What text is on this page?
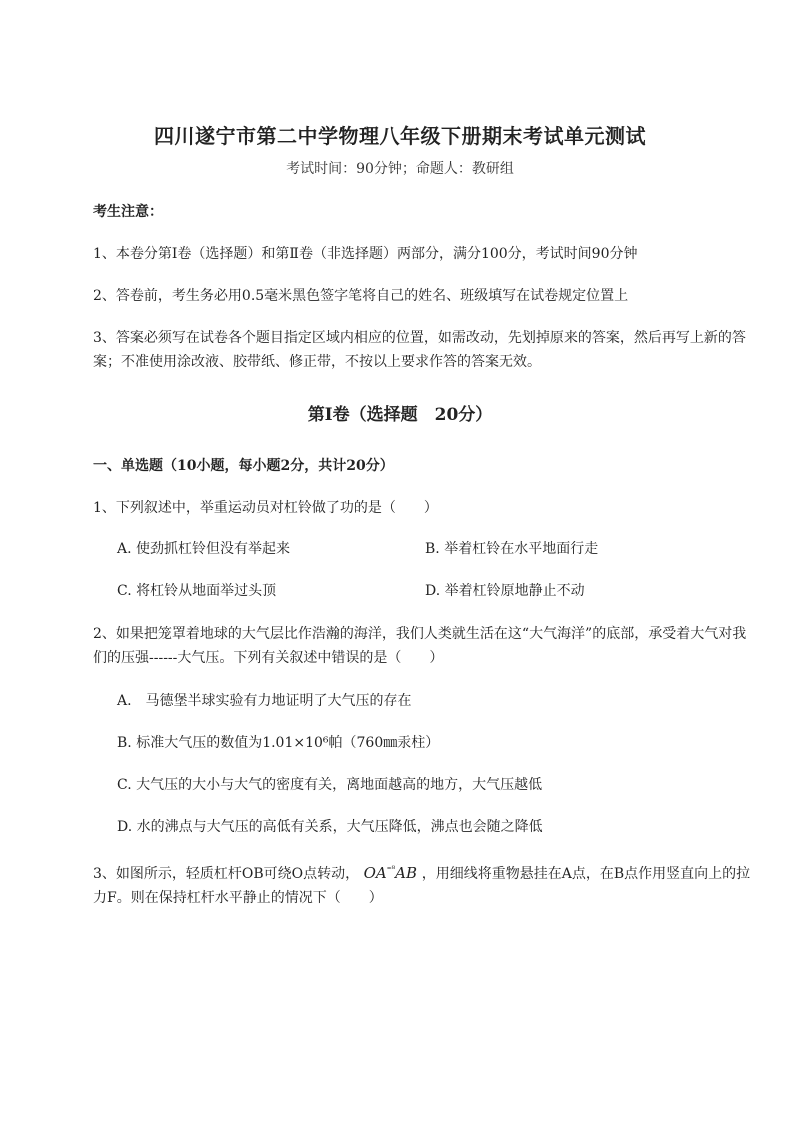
四川遂宁市第二中学物理八年级下册期末考试单元测试
考试时间：90分钟；命题人：教研组
考生注意：
1、本卷分第I卷（选择题）和第Ⅱ卷（非选择题）两部分，满分100分，考试时间90分钟
2、答卷前，考生务必用0.5毫米黑色签字笔将自己的姓名、班级填写在试卷规定位置上
3、答案必须写在试卷各个题目指定区域内相应的位置，如需改动，先划掉原来的答案，然后再写上新的答案；不准使用涂改液、胶带纸、修正带，不按以上要求作答的答案无效。
第I卷（选择题　20分）
一、单选题（10小题，每小题2分，共计20分）
1、下列叙述中，举重运动员对杠铃做了功的是（　　）
A. 使劲抓杠铃但没有举起来	B. 举着杠铃在水平地面行走
C. 将杠铃从地面举过头顶	D. 举着杠铃原地静止不动
2、如果把笼罩着地球的大气层比作浩瀚的海洋，我们人类就生活在这“大气海洋”的底部，承受着大气对我们的压强------大气压。下列有关叙述中错误的是（　　）
A.　马德堡半球实验有力地证明了大气压的存在
B. 标准大气压的数值为1.01×10⁶帕（760㎜汞柱）
C. 大气压的大小与大气的密度有关，离地面越高的地方，大气压越低
D. 水的沸点与大气压的高低有关系，大气压降低，沸点也会随之降低
3、如图所示，轻质杠杆OB可绕O点转动， $OA^{^{=8}}AB$ ，用细线将重物悬挂在A点，在B点作用竖直向上的拉力F。则在保持杠杆水平静止的情况下（　　）
